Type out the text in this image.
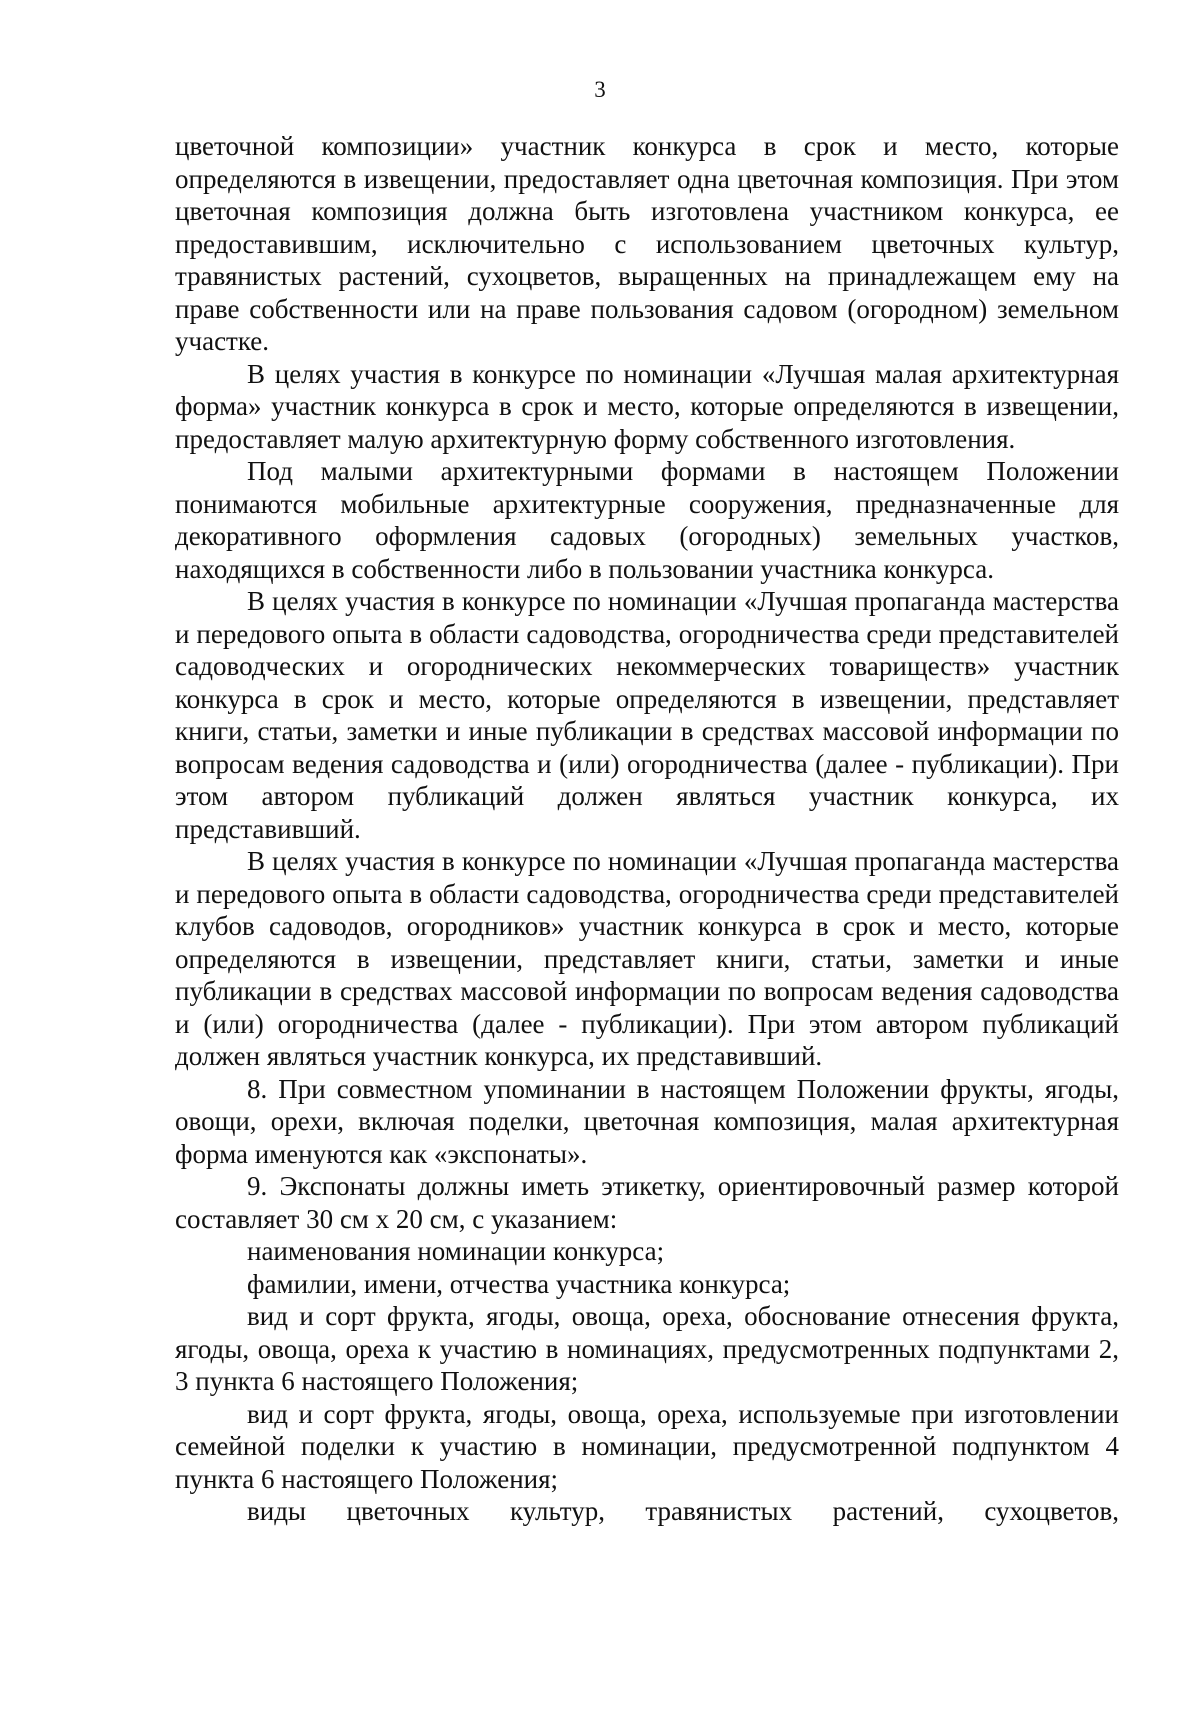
3

цветочной композиции» участник конкурса в срок и место, которые определяются в извещении, предоставляет одна цветочная композиция. При этом цветочная композиция должна быть изготовлена участником конкурса, ее предоставившим, исключительно с использованием цветочных культур, травянистых растений, сухоцветов, выращенных на принадлежащем ему на праве собственности или на праве пользования садовом (огородном) земельном участке.

В целях участия в конкурсе по номинации «Лучшая малая архитектурная форма» участник конкурса в срок и место, которые определяются в извещении, предоставляет малую архитектурную форму собственного изготовления.

Под малыми архитектурными формами в настоящем Положении понимаются мобильные архитектурные сооружения, предназначенные для декоративного оформления садовых (огородных) земельных участков, находящихся в собственности либо в пользовании участника конкурса.

В целях участия в конкурсе по номинации «Лучшая пропаганда мастерства и передового опыта в области садоводства, огородничества среди представителей садоводческих и огороднических некоммерческих товариществ» участник конкурса в срок и место, которые определяются в извещении, представляет книги, статьи, заметки и иные публикации в средствах массовой информации по вопросам ведения садоводства и (или) огородничества (далее - публикации). При этом автором публикаций должен являться участник конкурса, их представивший.

В целях участия в конкурсе по номинации «Лучшая пропаганда мастерства и передового опыта в области садоводства, огородничества среди представителей клубов садоводов, огородников» участник конкурса в срок и место, которые определяются в извещении, представляет книги, статьи, заметки и иные публикации в средствах массовой информации по вопросам ведения садоводства и (или) огородничества (далее - публикации). При этом автором публикаций должен являться участник конкурса, их представивший.

8. При совместном упоминании в настоящем Положении фрукты, ягоды, овощи, орехи, включая поделки, цветочная композиция, малая архитектурная форма именуются как «экспонаты».

9. Экспонаты должны иметь этикетку, ориентировочный размер которой составляет 30 см х 20 см, с указанием:

наименования номинации конкурса;

фамилии, имени, отчества участника конкурса;

вид и сорт фрукта, ягоды, овоща, ореха, обоснование отнесения фрукта, ягоды, овоща, ореха к участию в номинациях, предусмотренных подпунктами 2, 3 пункта 6 настоящего Положения;

вид и сорт фрукта, ягоды, овоща, ореха, используемые при изготовлении семейной поделки к участию в номинации, предусмотренной подпунктом 4 пункта 6 настоящего Положения;

виды цветочных культур, травянистых растений, сухоцветов,
